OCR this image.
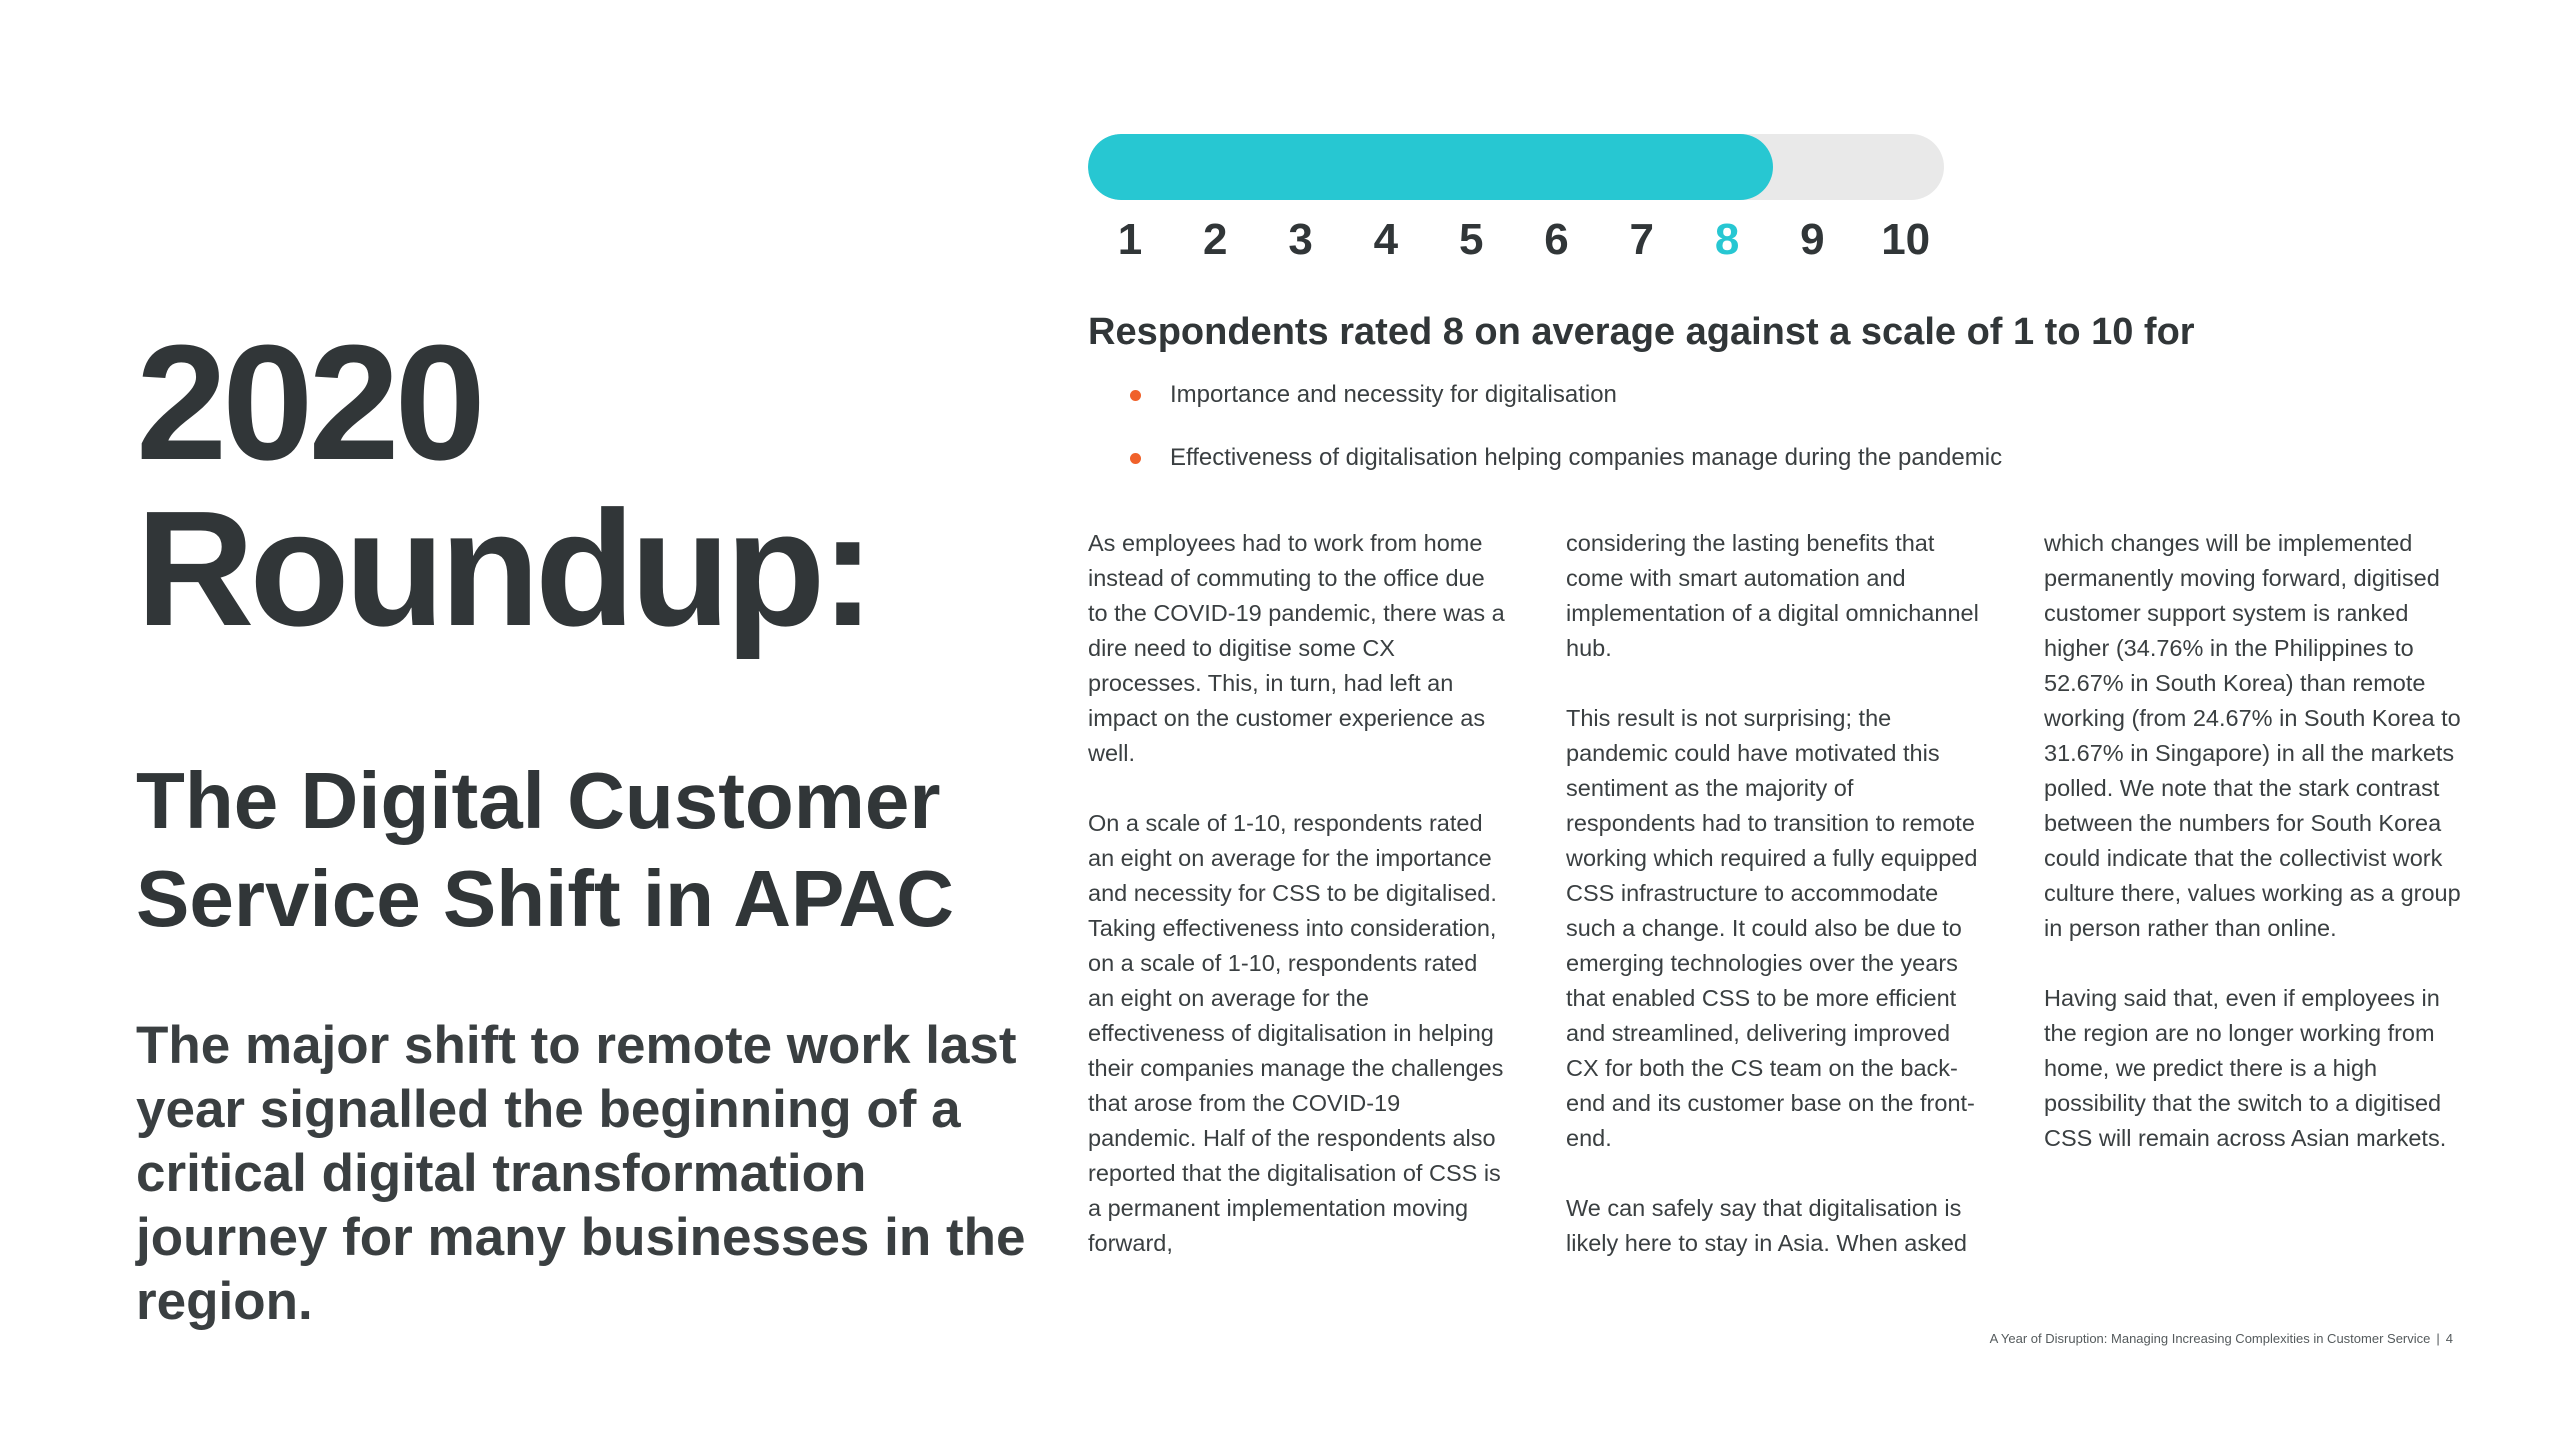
2020
Roundup:
The Digital Customer Service Shift in APAC

The major shift to remote work last year signalled the beginning of a critical digital transformation journey for many businesses in the region.

1	2	3	4	5	6	7	8	9	10
Respondents rated 8 on average against a scale of 1 to 10 for
Importance and necessity for digitalisation
Effectiveness of digitalisation helping companies manage during the pandemic

As employees had to work from home instead of commuting to the office due to the COVID-19 pandemic, there was a dire need to digitise some CX processes. This, in turn, had left an impact on the customer experience as well.

On a scale of 1-10, respondents rated an eight on average for the importance and necessity for CSS to be digitalised. Taking effectiveness into consideration, on a scale of 1-10, respondents rated an eight on average for the effectiveness of digitalisation in helping their companies manage the challenges that arose from the COVID-19 pandemic. Half of the respondents also reported that the digitalisation of CSS is a permanent implementation moving forward,

considering the lasting benefits that come with smart automation and implementation of a digital omnichannel hub.

This result is not surprising; the pandemic could have motivated this sentiment as the majority of respondents had to transition to remote working which required a fully equipped CSS infrastructure to accommodate such a change. It could also be due to emerging technologies over the years that enabled CSS to be more efficient and streamlined, delivering improved CX for both the CS team on the back-end and its customer base on the front-end.

We can safely say that digitalisation is likely here to stay in Asia. When asked

which changes will be implemented permanently moving forward, digitised customer support system is ranked higher (34.76% in the Philippines to 52.67% in South Korea) than remote working (from 24.67% in South Korea to 31.67% in Singapore) in all the markets polled. We note that the stark contrast between the numbers for South Korea could indicate that the collectivist work culture there, values working as a group in person rather than online.

Having said that, even if employees in the region are no longer working from home, we predict there is a high possibility that the switch to a digitised CSS will remain across Asian markets.

A Year of Disruption: Managing Increasing Complexities in Customer Service | 4
